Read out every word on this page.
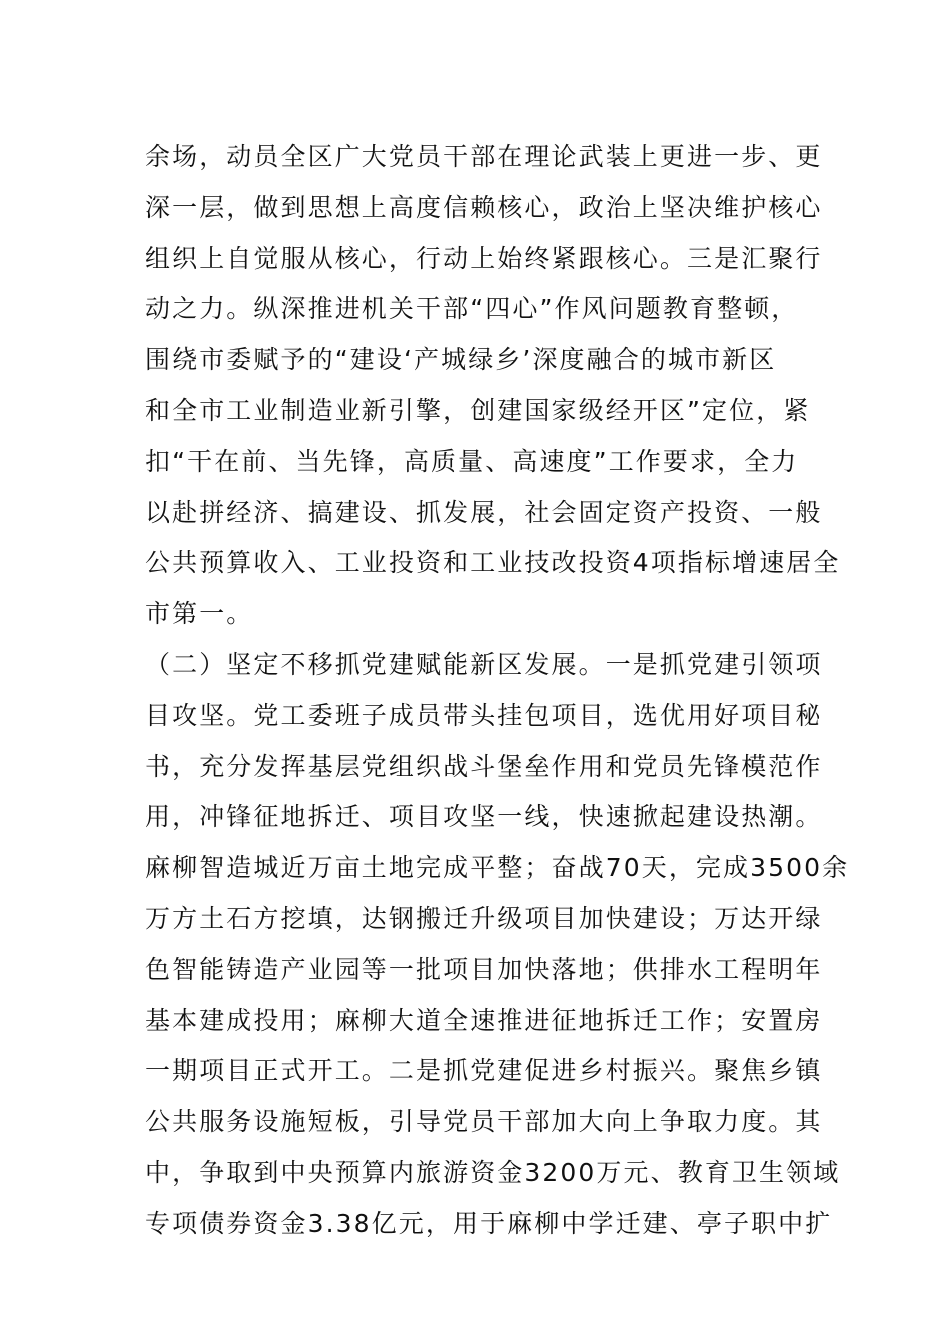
余场，动员全区广大党员干部在理论武装上更进一步、更
深一层，做到思想上高度信赖核心，政治上坚决维护核心
组织上自觉服从核心，行动上始终紧跟核心。三是汇聚行
动之力。纵深推进机关干部“四心”作风问题教育整顿，
围绕市委赋予的“建设‘产城绿乡’深度融合的城市新区
和全市工业制造业新引擎，创建国家级经开区”定位，紧
扣“干在前、当先锋，高质量、高速度”工作要求，全力
以赴拼经济、搞建设、抓发展，社会固定资产投资、一般
公共预算收入、工业投资和工业技改投资4项指标增速居全
市第一。
（二）坚定不移抓党建赋能新区发展。一是抓党建引领项
目攻坚。党工委班子成员带头挂包项目，选优用好项目秘
书，充分发挥基层党组织战斗堡垒作用和党员先锋模范作
用，冲锋征地拆迁、项目攻坚一线，快速掀起建设热潮。
麻柳智造城近万亩土地完成平整；奋战70天，完成3500余
万方土石方挖填，达钢搬迁升级项目加快建设；万达开绿
色智能铸造产业园等一批项目加快落地；供排水工程明年
基本建成投用；麻柳大道全速推进征地拆迁工作；安置房
一期项目正式开工。二是抓党建促进乡村振兴。聚焦乡镇
公共服务设施短板，引导党员干部加大向上争取力度。其
中，争取到中央预算内旅游资金3200万元、教育卫生领域
专项债券资金3.38亿元，用于麻柳中学迁建、亭子职中扩
